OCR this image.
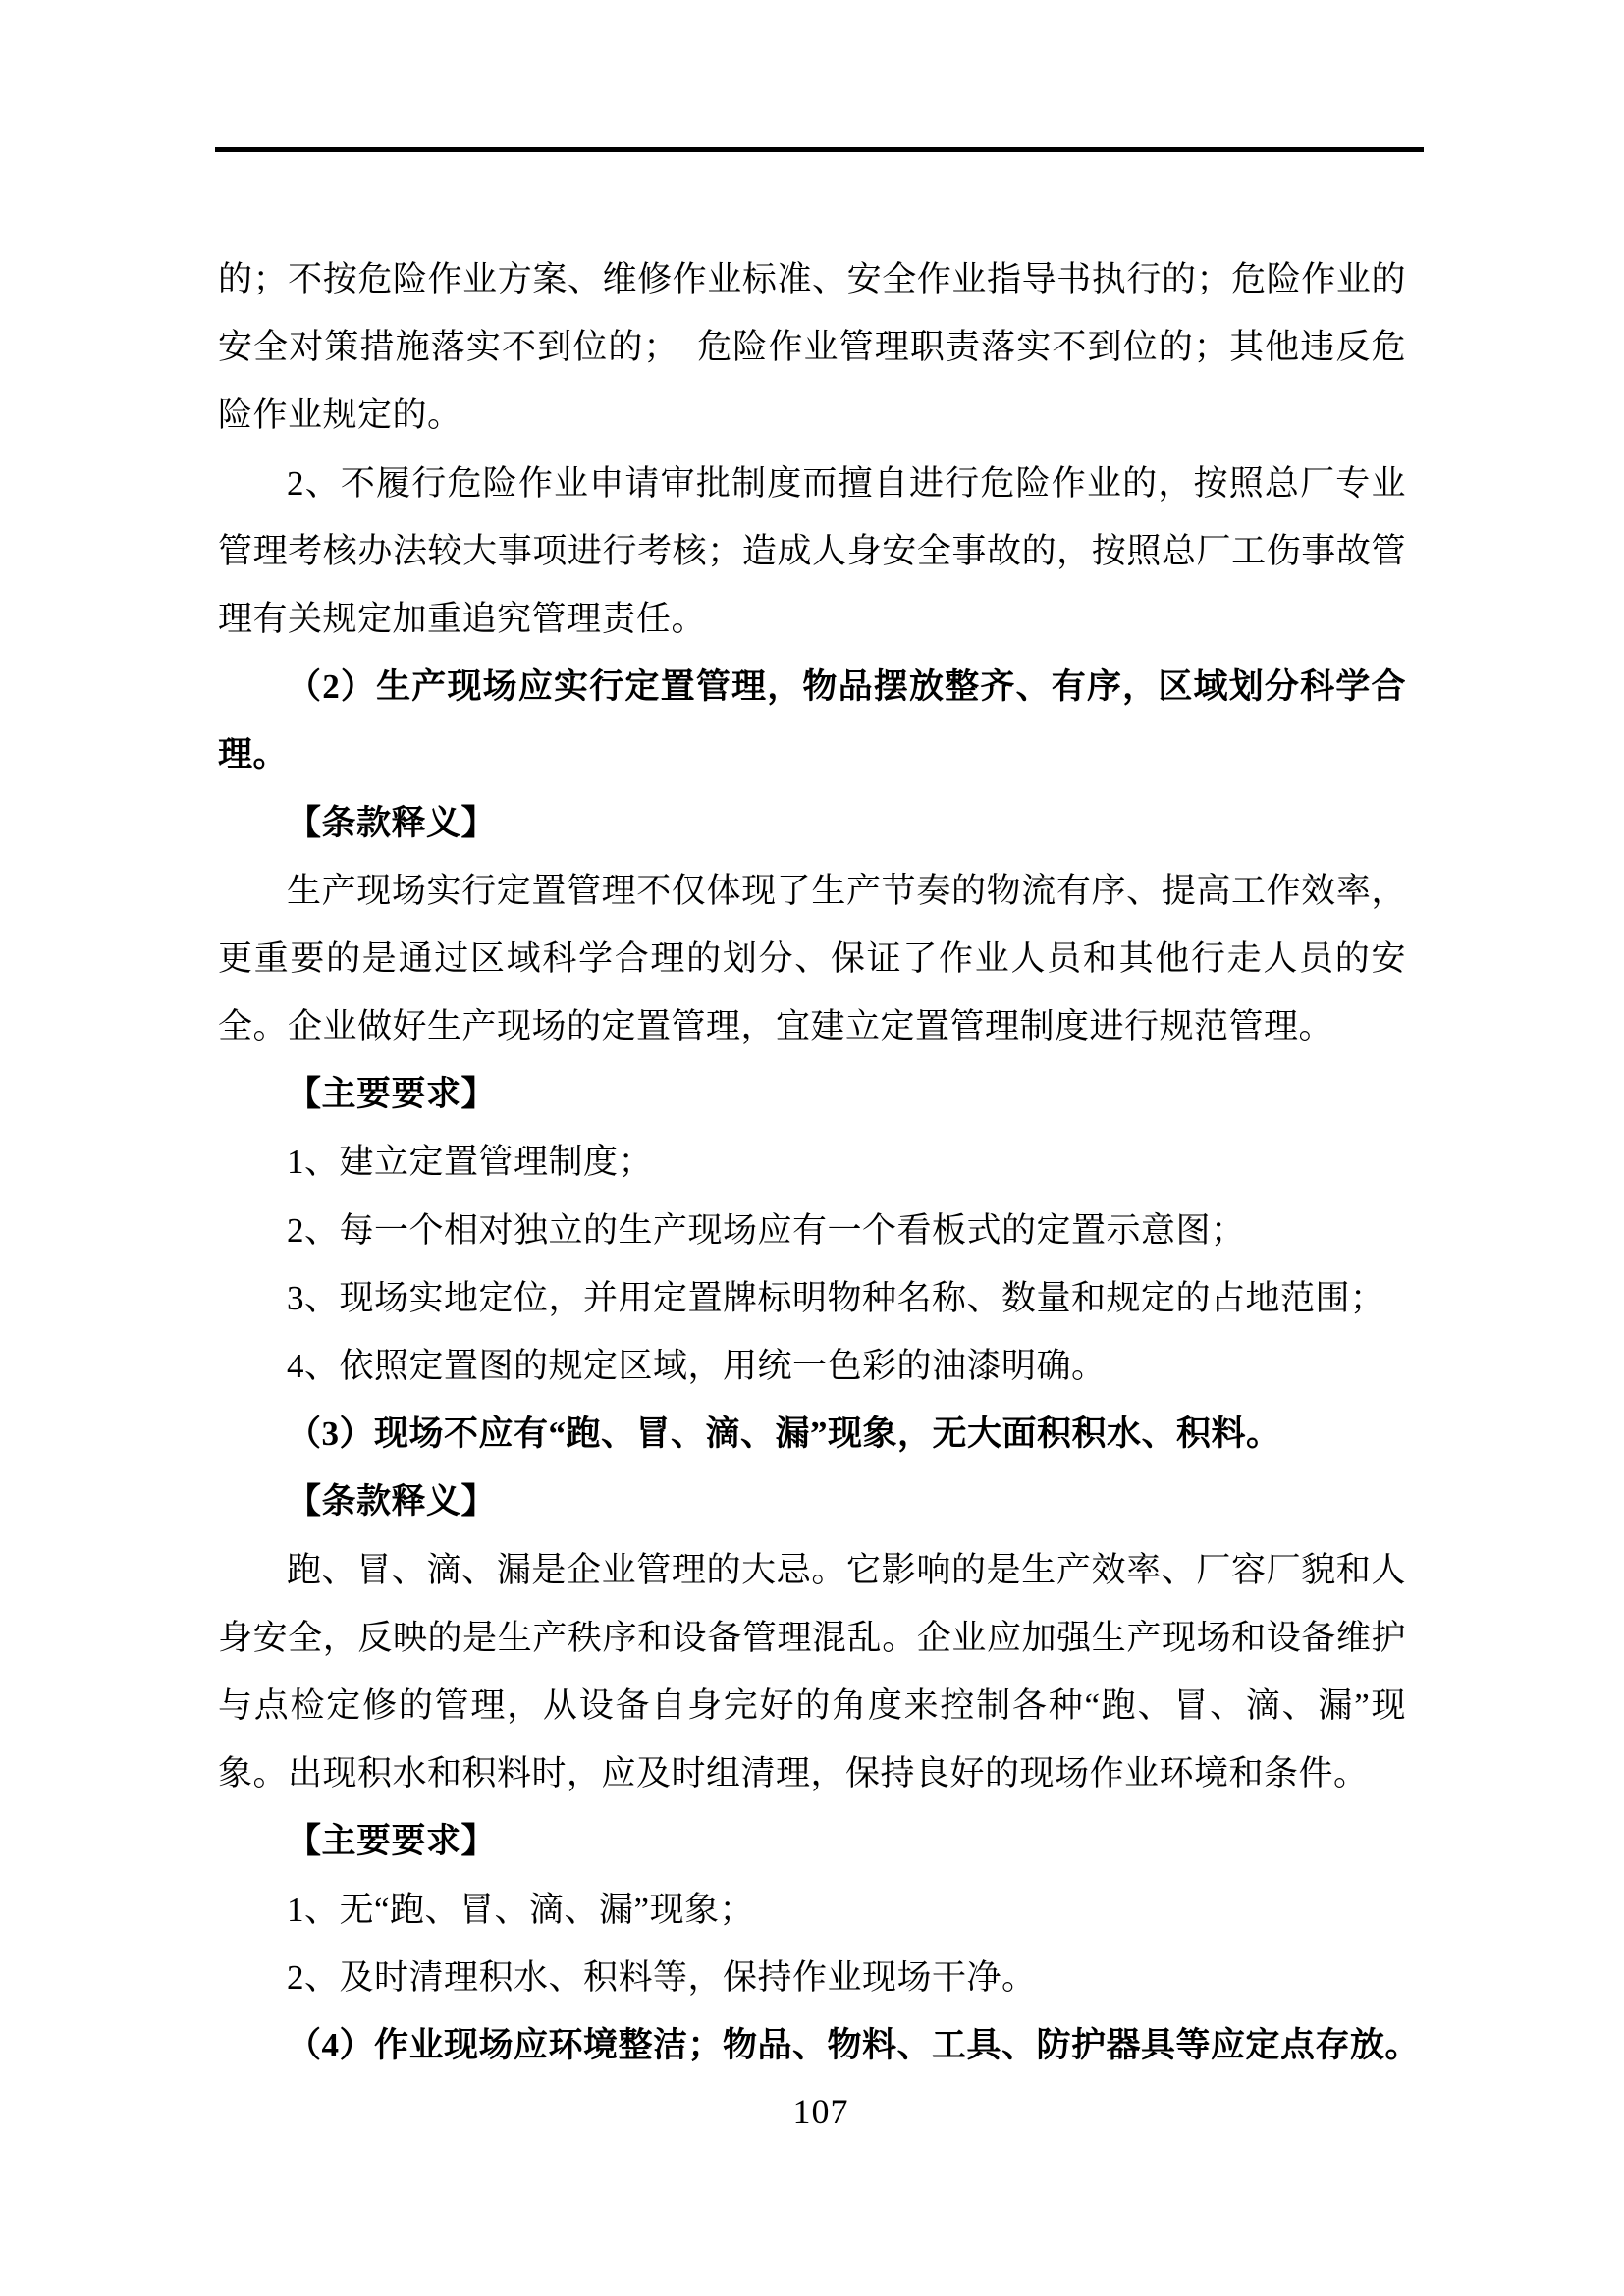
的；不按危险作业方案、维修作业标准、安全作业指导书执行的；危险作业的
安全对策措施落实不到位的；　危险作业管理职责落实不到位的；其他违反危
险作业规定的。
2、不履行危险作业申请审批制度而擅自进行危险作业的，按照总厂专业
管理考核办法较大事项进行考核；造成人身安全事故的，按照总厂工伤事故管
理有关规定加重追究管理责任。
（2）生产现场应实行定置管理，物品摆放整齐、有序，区域划分科学合
理。
【条款释义】
生产现场实行定置管理不仅体现了生产节奏的物流有序、提高工作效率，
更重要的是通过区域科学合理的划分、保证了作业人员和其他行走人员的安
全。企业做好生产现场的定置管理，宜建立定置管理制度进行规范管理。
【主要要求】
1、建立定置管理制度；
2、每一个相对独立的生产现场应有一个看板式的定置示意图；
3、现场实地定位，并用定置牌标明物种名称、数量和规定的占地范围；
4、依照定置图的规定区域，用统一色彩的油漆明确。
（3）现场不应有“跑、冒、滴、漏”现象，无大面积积水、积料。
【条款释义】
跑、冒、滴、漏是企业管理的大忌。它影响的是生产效率、厂容厂貌和人
身安全，反映的是生产秩序和设备管理混乱。企业应加强生产现场和设备维护
与点检定修的管理，从设备自身完好的角度来控制各种“跑、冒、滴、漏”现
象。出现积水和积料时，应及时组清理，保持良好的现场作业环境和条件。
【主要要求】
1、无“跑、冒、滴、漏”现象；
2、及时清理积水、积料等，保持作业现场干净。
（4）作业现场应环境整洁；物品、物料、工具、防护器具等应定点存放。
107
